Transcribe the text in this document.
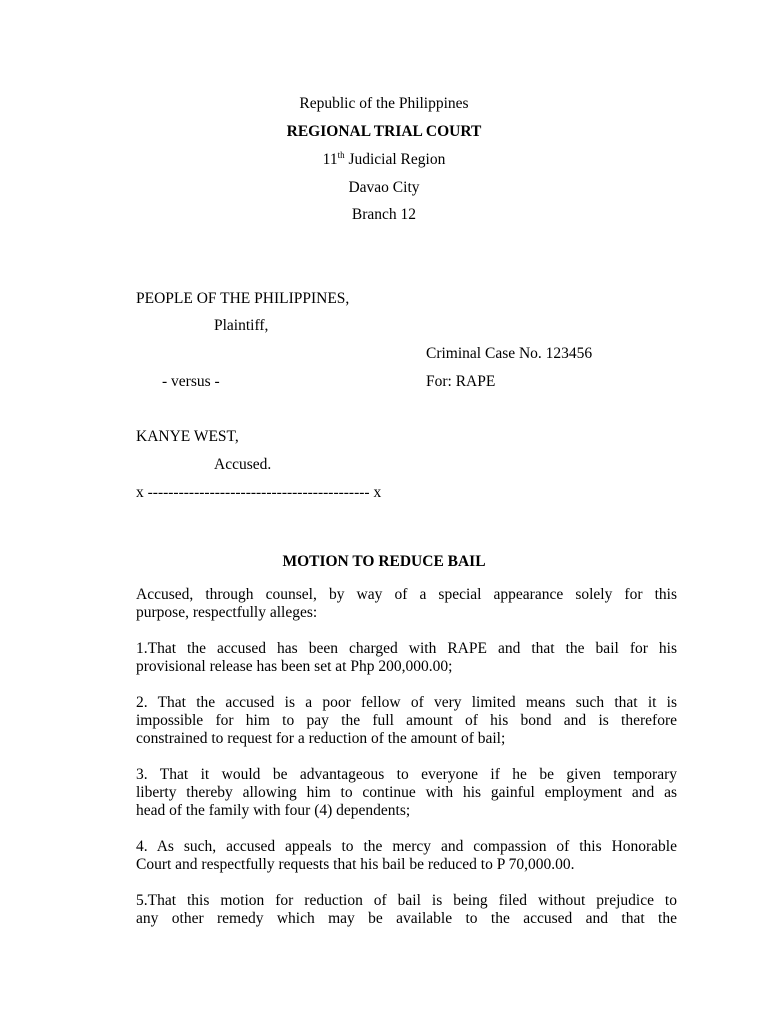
Republic of the Philippines
REGIONAL TRIAL COURT
11th Judicial Region
Davao City
Branch 12
PEOPLE OF THE PHILIPPINES,
Plaintiff,
Criminal Case No. 123456
- versus -	For: RAPE
KANYE WEST,
Accused.
x ------------------------------------------- x
MOTION TO REDUCE BAIL
Accused, through counsel, by way of a special appearance solely for this
purpose, respectfully alleges:
1.That the accused has been charged with RAPE and that the bail for his
provisional release has been set at Php 200,000.00;
2. That the accused is a poor fellow of very limited means such that it is
impossible for him to pay the full amount of his bond and is therefore
constrained to request for a reduction of the amount of bail;
3. That it would be advantageous to everyone if he be given temporary
liberty thereby allowing him to continue with his gainful employment and as
head of the family with four (4) dependents;
4. As such, accused appeals to the mercy and compassion of this Honorable
Court and respectfully requests that his bail be reduced to P 70,000.00.
5.That this motion for reduction of bail is being filed without prejudice to
any other remedy which may be available to the accused and that the
